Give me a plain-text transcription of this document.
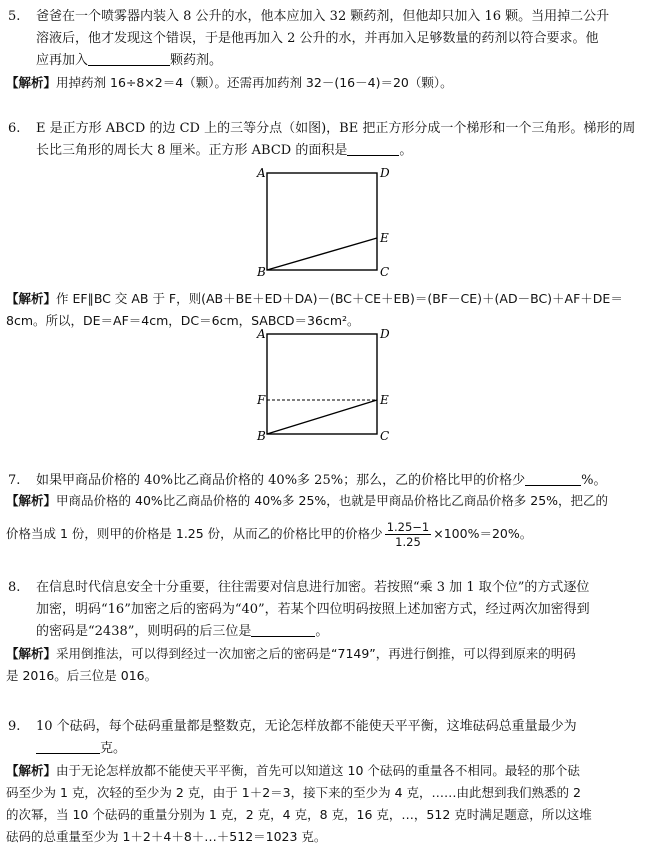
5. 爸爸在一个喷雾器内装入 8 公升的水，他本应加入 32 颗药剂，但他却只加入 16 颗。当用掉二公升
溶液后，他才发现这个错误，于是他再加入 2 公升的水，并再加入足够数量的药剂以符合要求。他
应再加入	颗药剂。
【解析】用掉药剂 16÷8×2＝4（颗）。还需再加药剂 32－(16－4)＝20（颗）。
6. E 是正方形 ABCD 的边 CD 上的三等分点（如图)，BE 把正方形分成一个梯形和一个三角形。梯形的周
长比三角形的周长大 8 厘米。正方形 ABCD 的面积是	。
A	D
E
B	C
【解析】作 EF∥BC 交 AB 于 F，则(AB＋BE＋ED＋DA)－(BC＋CE＋EB)＝(BF－CE)＋(AD－BC)＋AF＋DE＝
8cm。所以，DE＝AF＝4cm，DC＝6cm，SABCD＝36cm²。
A	D
F	E
B	C
7. 如果甲商品价格的 40%比乙商品价格的 40%多 25%；那么，乙的价格比甲的价格少	%。
【解析】甲商品价格的 40%比乙商品价格的 40%多 25%，也就是甲商品价格比乙商品价格多 25%，把乙的
价格当成 1 份，则甲的价格是 1.25 份，从而乙的价格比甲的价格少 $\frac{1.25-1}{1.25} \times 100\%=20\%$。
8. 在信息时代信息安全十分重要，往往需要对信息进行加密。若按照“乘 3 加 1 取个位”的方式逐位
加密，明码“16”加密之后的密码为“40”，若某个四位明码按照上述加密方式，经过两次加密得到
的密码是“2438”，则明码的后三位是	。
【解析】采用倒推法，可以得到经过一次加密之后的密码是“7149”，再进行倒推，可以得到原来的明码
是 2016。后三位是 016。
9. 10 个砝码，每个砝码重量都是整数克，无论怎样放都不能使天平平衡，这堆砝码总重量最少为
克。
【解析】由于无论怎样放都不能使天平平衡，首先可以知道这 10 个砝码的重量各不相同。最轻的那个砝
码至少为 1 克，次轻的至少为 2 克，由于 1＋2＝3，接下来的至少为 4 克，……由此想到我们熟悉的 2
的次幂，当 10 个砝码的重量分别为 1 克，2 克，4 克，8 克，16 克，…，512 克时满足题意，所以这堆
砝码的总重量至少为 1＋2＋4＋8＋…＋512＝1023 克。
